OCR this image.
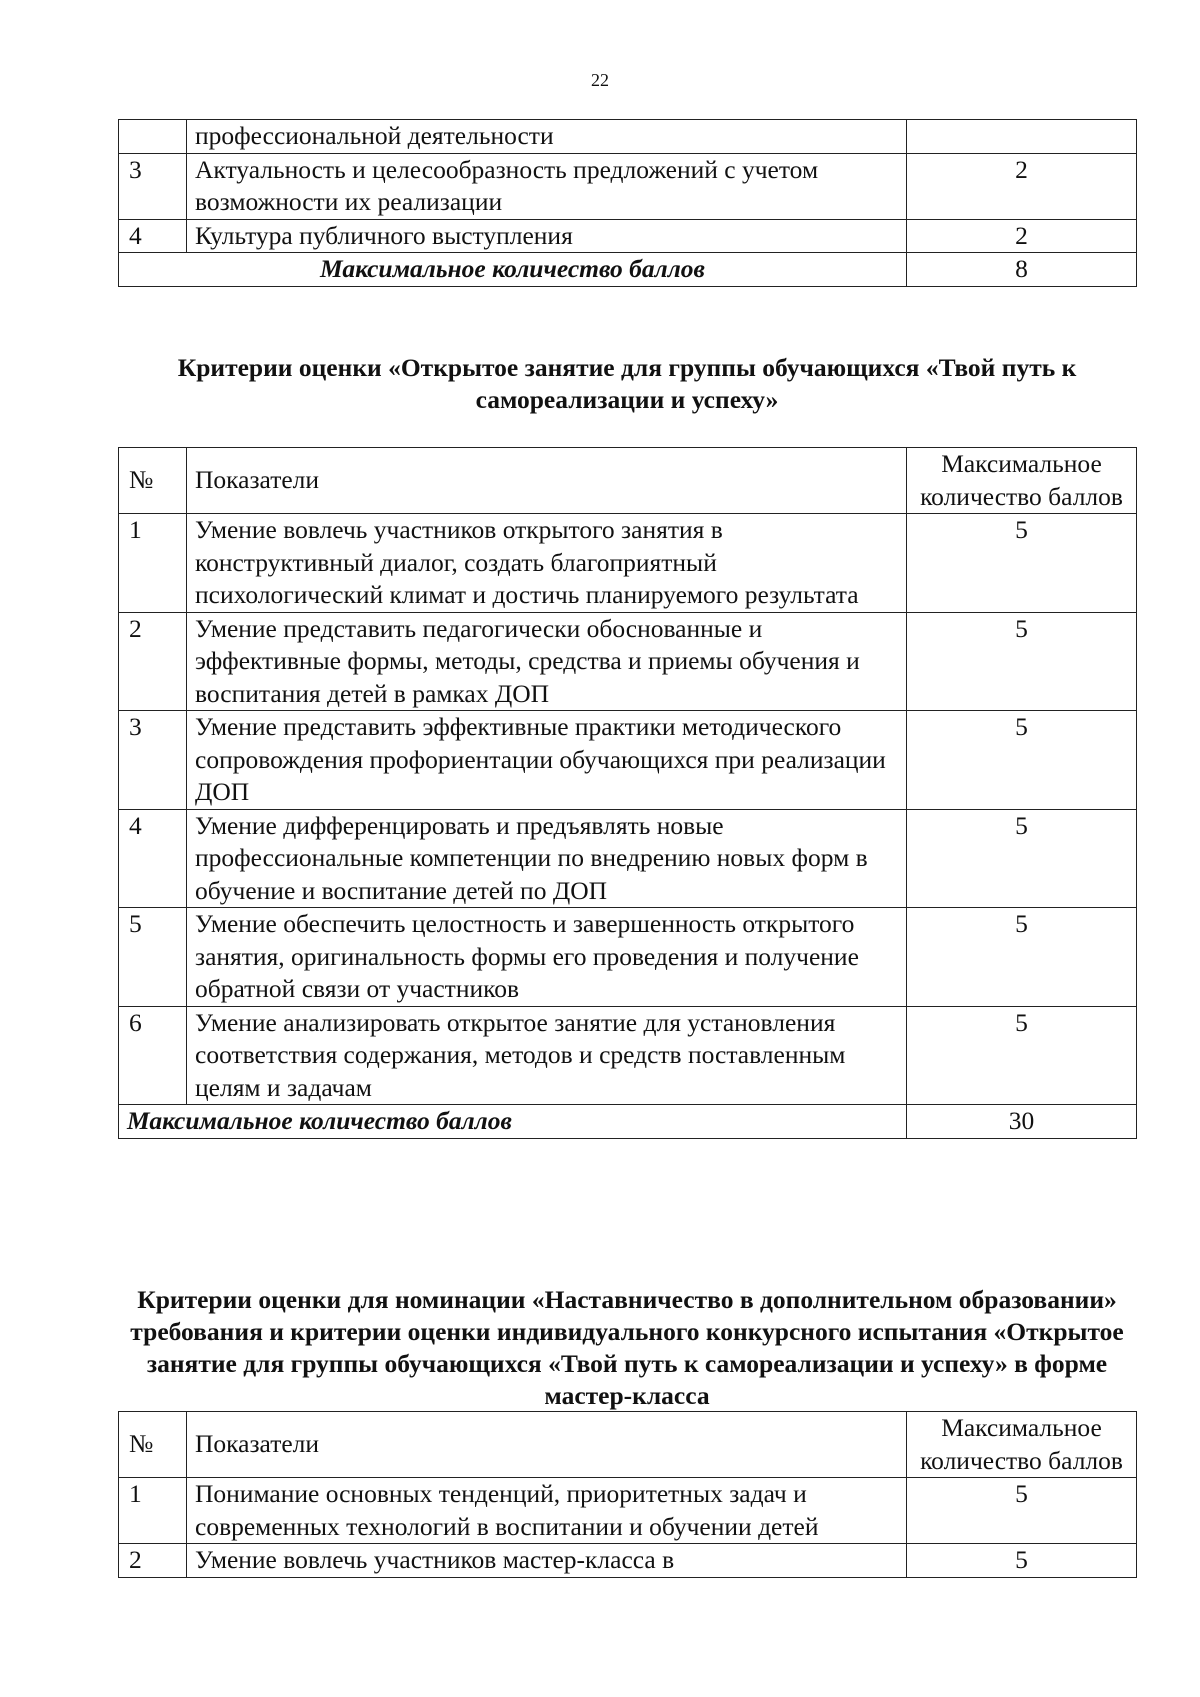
22
	профессиональной деятельности	
3	Актуальность и целесообразность предложений с учетом возможности их реализации	2
4	Культура публичного выступления	2
Максимальное количество баллов		8
Критерии оценки «Открытое занятие для группы обучающихся «Твой путь к самореализации и успеху»
№	Показатели	Максимальное количество баллов
1	Умение вовлечь участников открытого занятия в конструктивный диалог, создать благоприятный психологический климат и достичь планируемого результата	5
2	Умение представить педагогически обоснованные и эффективные формы, методы, средства и приемы обучения и воспитания детей в рамках ДОП	5
3	Умение представить эффективные практики методического сопровождения профориентации обучающихся при реализации ДОП	5
4	Умение дифференцировать и предъявлять новые профессиональные компетенции по внедрению новых форм в обучение и воспитание детей по ДОП	5
5	Умение обеспечить целостность и завершенность открытого занятия, оригинальность формы его проведения и получение обратной связи от участников	5
6	Умение анализировать открытое занятие для установления соответствия содержания, методов и средств поставленным целям и задачам	5
Максимальное количество баллов		30
Критерии оценки для номинации «Наставничество в дополнительном образовании» требования и критерии оценки индивидуального конкурсного испытания «Открытое занятие для группы обучающихся «Твой путь к самореализации и успеху» в форме мастер-класса
№	Показатели	Максимальное количество баллов
1	Понимание основных тенденций, приоритетных задач и современных технологий в воспитании и обучении детей	5
2	Умение вовлечь участников мастер-класса в	5
